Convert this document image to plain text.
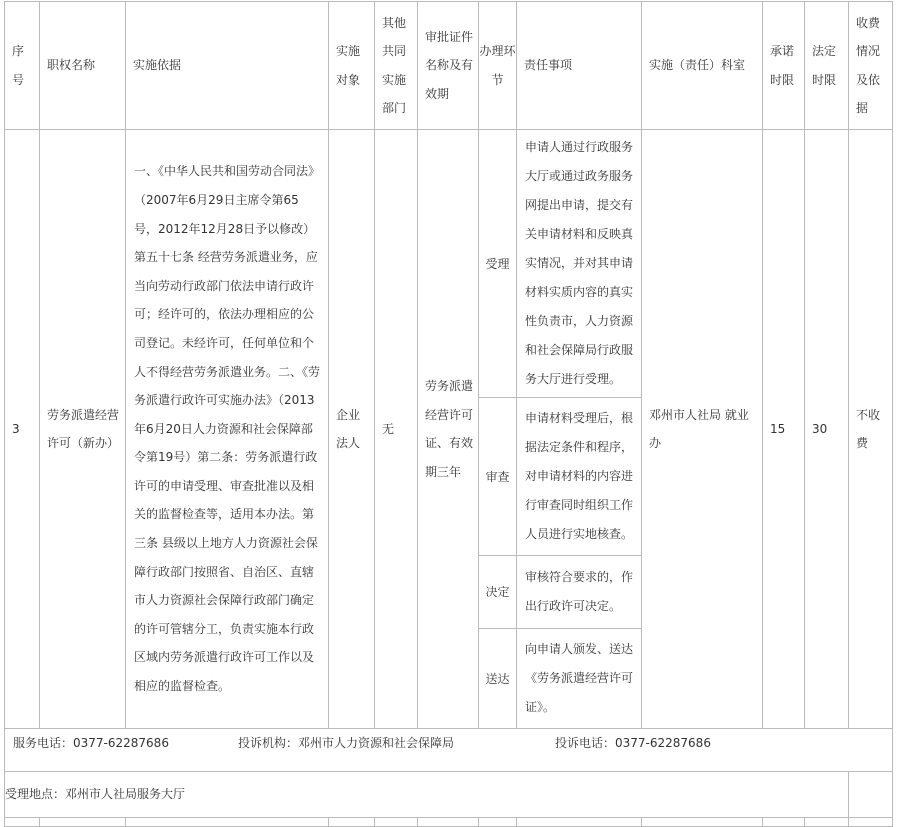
序号	职权名称	实施依据	实施对象	其他共同实施部门	审批证件名称及有效期	办理环节	责任事项	实施（责任）科室	承诺时限	法定时限	收费情况及依据
3	劳务派遣经营许可（新办）	一、《中华人民共和国劳动合同法》（2007年6月29日主席令第65号，2012年12月28日予以修改）第五十七条 经营劳务派遣业务，应当向劳动行政部门依法申请行政许可；经许可的，依法办理相应的公司登记。未经许可，任何单位和个人不得经营劳务派遣业务。二、《劳务派遣行政许可实施办法》（2013年6月20日人力资源和社会保障部令第19号）第二条：劳务派遣行政许可的申请受理、审查批准以及相关的监督检查等，适用本办法。第三条 县级以上地方人力资源社会保障行政部门按照省、自治区、直辖市人力资源社会保障行政部门确定的许可管辖分工，负责实施本行政区域内劳务派遣行政许可工作以及相应的监督检查。	企业法人	无	劳务派遣经营许可证、有效期三年	受理	申请人通过行政服务大厅或通过政务服务网提出申请，提交有关申请材料和反映真实情况，并对其申请材料实质内容的真实性负责市，人力资源和社会保障局行政服务大厅进行受理。	邓州市人社局 就业办	15	30	不收费
						审查	申请材料受理后，根据法定条件和程序，对申请材料的内容进行审查同时组织工作人员进行实地核查。				
						决定	审核符合要求的，作出行政许可决定。				
						送达	向申请人颁发、送达《劳务派遣经营许可证》。				

服务电话：0377-62287686 投诉机构：邓州市人力资源和社会保障局 投诉电话：0377-62287686											

受理地点：邓州市人社局服务大厅											
